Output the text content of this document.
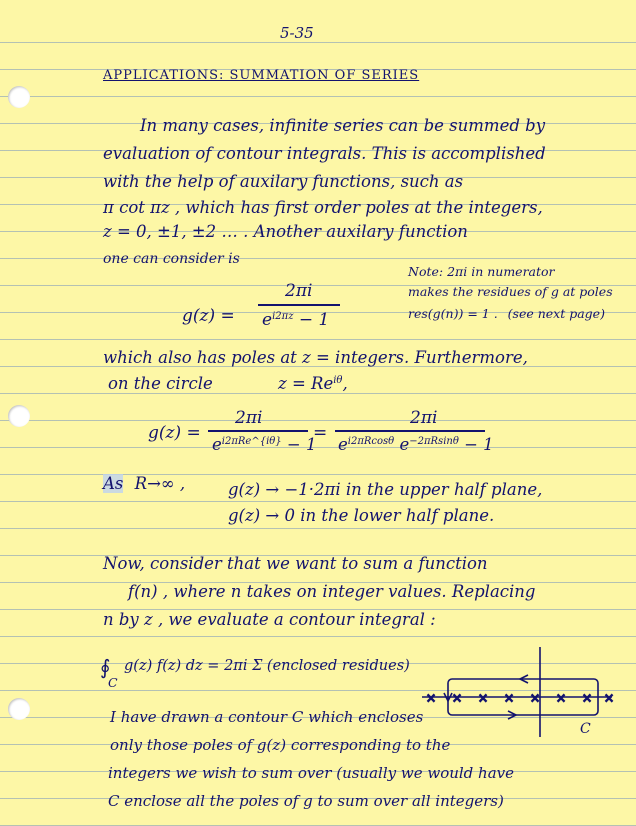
5-35
APPLICATIONS: SUMMATION OF SERIES
In many cases, infinite series can be summed by
evaluation of contour integrals. This is accomplished
with the help of auxilary functions, such as
π cot πz , which has first order poles at the integers,
z = 0, ±1, ±2 … . Another auxilary function
one can consider is
Note: 2πi in numerator
makes the residues of g at poles
res(g(n)) = 1 . (see next page)
g(z) =
2πi
$e^{i2\pi z} - 1$
which also has poles at z = integers. Furthermore,
on the circle	$z = Re^{i\theta}$,
g(z) =
2πi
$e^{i2\pi Re\^{}\{i\theta\}} - 1$
=
2πi
$e^{i2\pi Rcos\theta}$ $e^{-2\pi Rsin\theta} - 1$
As R→∞ ,	g(z) → −1·2πi in the upper half plane,
g(z) → 0 in the lower half plane.
Now, consider that we want to sum a function
f(n) , where n takes on integer values. Replacing
n by z , we evaluate a contour integral :
∮
C
g(z) f(z) dz = 2πi Σ (enclosed residues)
I have drawn a contour C which encloses
only those poles of g(z) corresponding to the
integers we wish to sum over (usually we would have
C enclose all the poles of g to sum over all integers)
× × × × × × × ×
C
